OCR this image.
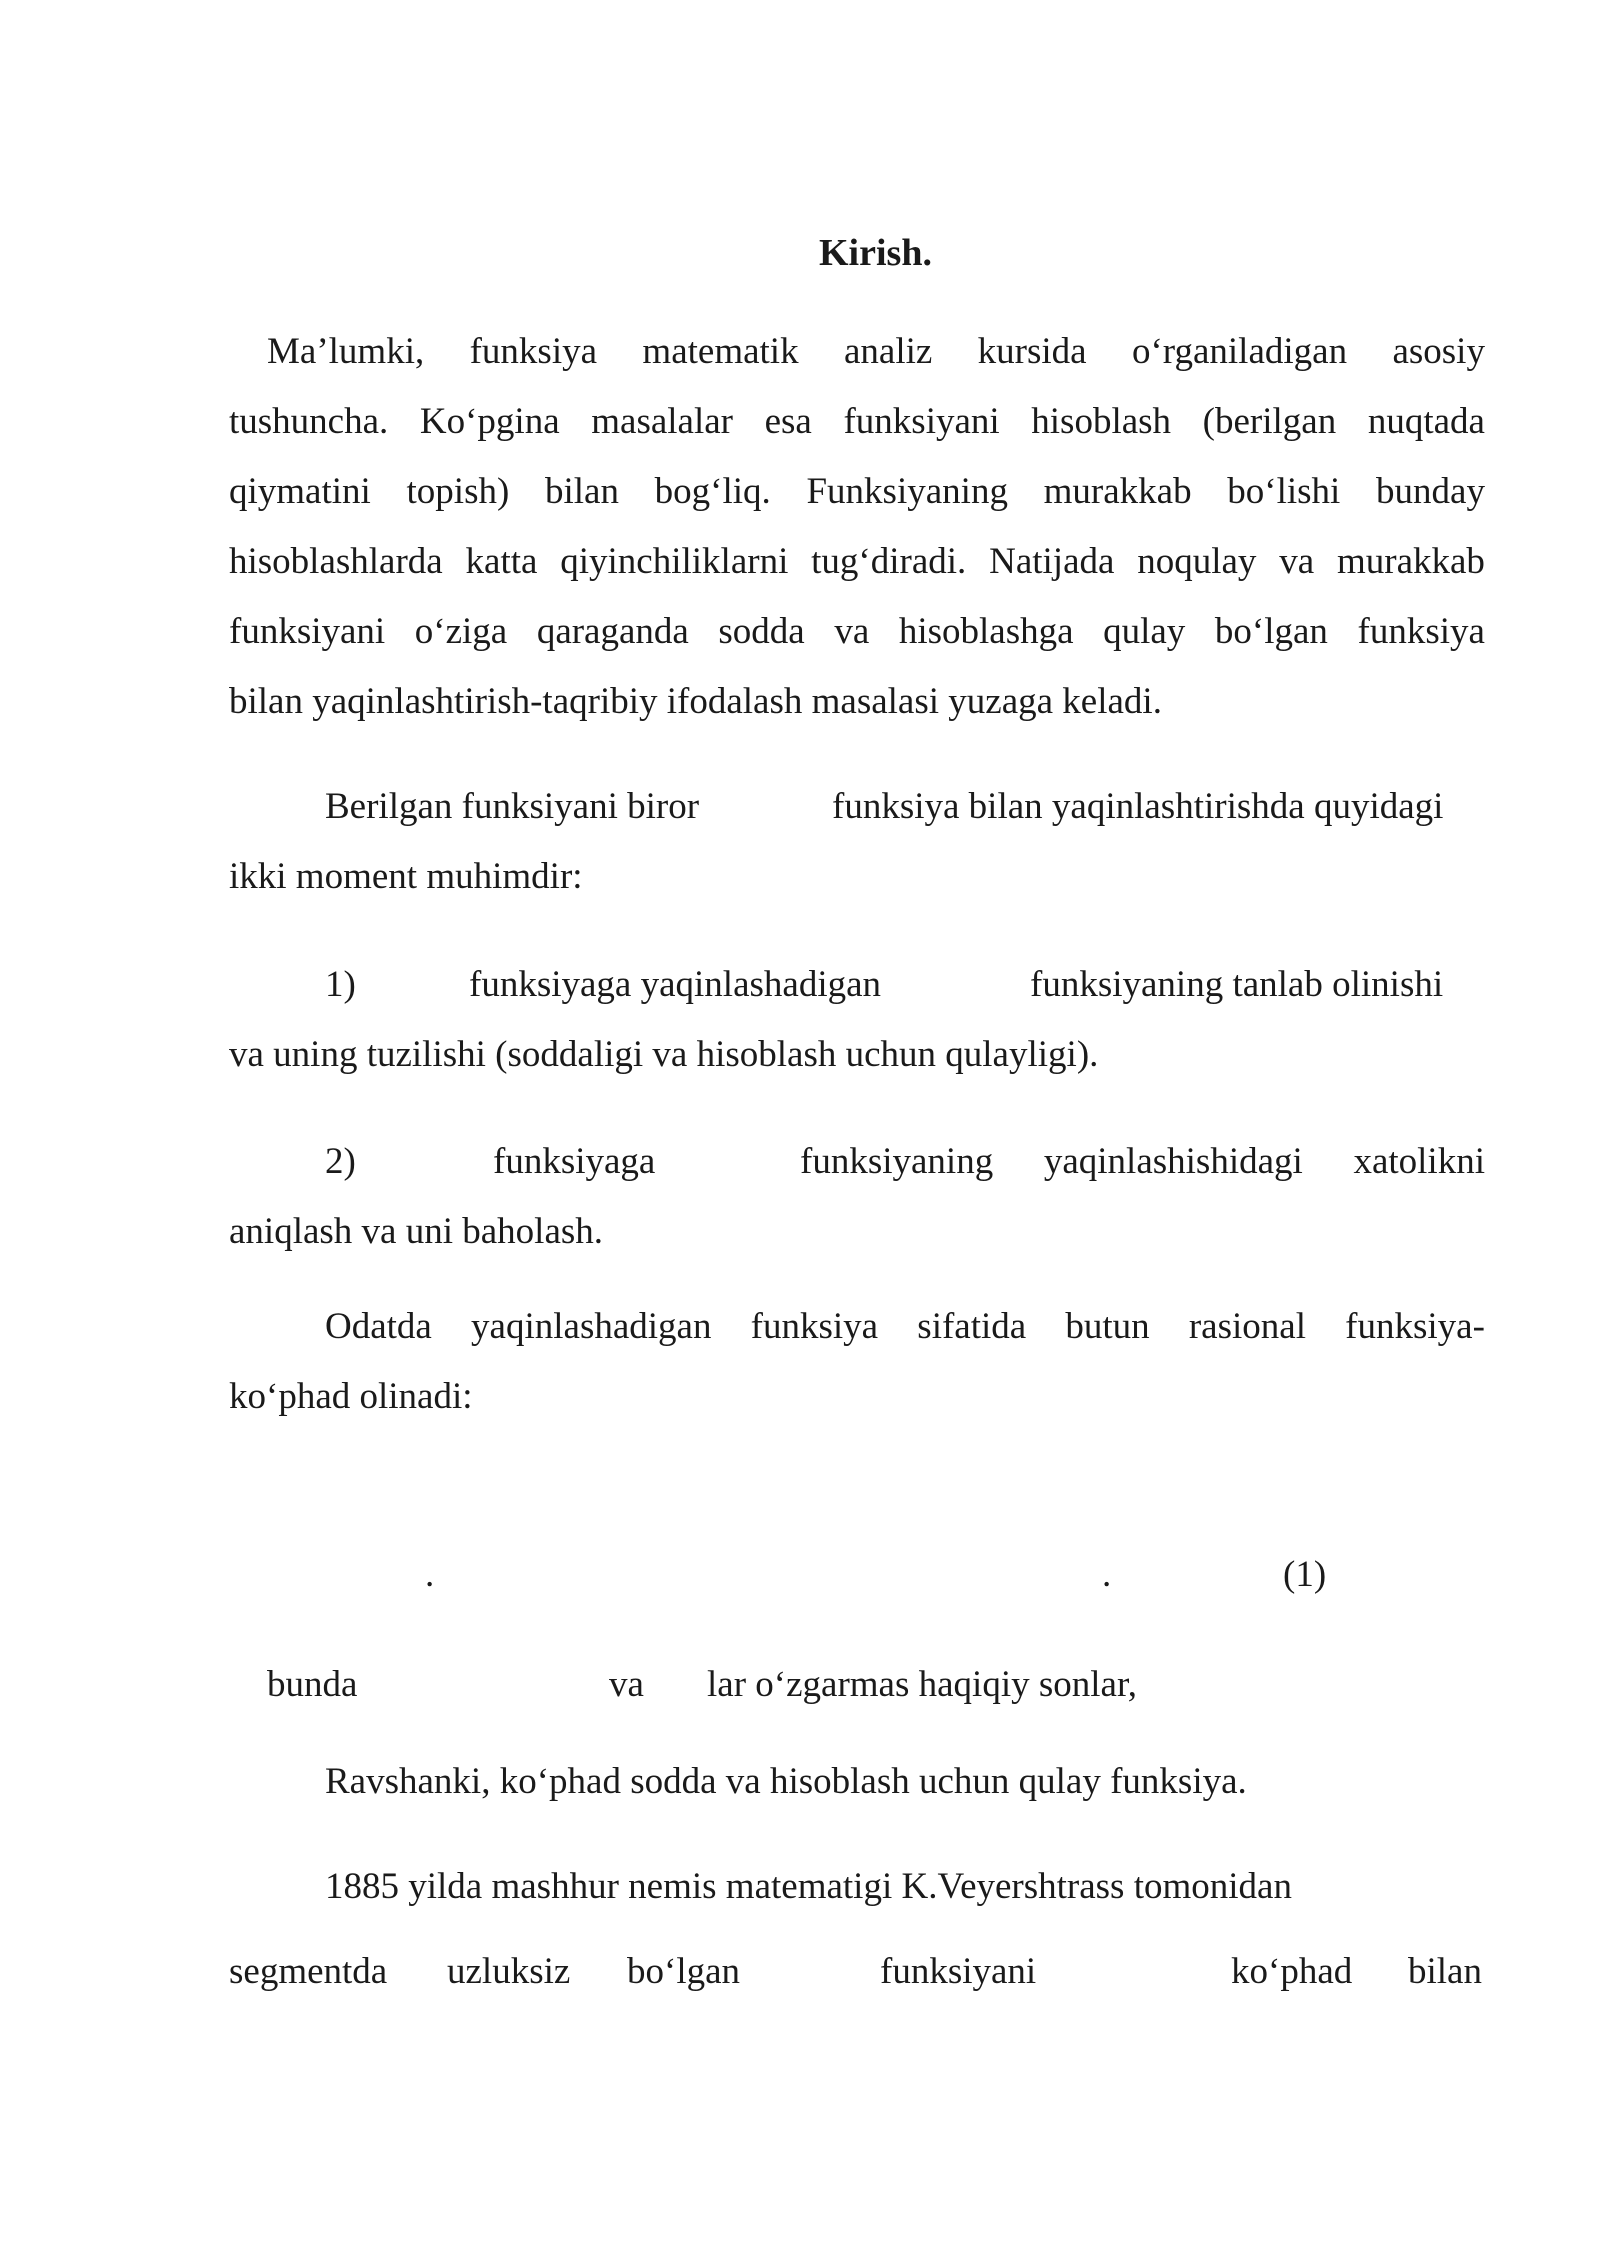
Kirish.
Ma’lumki, funksiya matematik analiz kursida o‘rganiladigan asosiy
tushuncha. Ko‘pgina masalalar esa funksiyani hisoblash (berilgan nuqtada
qiymatini topish) bilan bog‘liq. Funksiyaning murakkab bo‘lishi bunday
hisoblashlarda katta qiyinchiliklarni tug‘diradi. Natijada noqulay va murakkab
funksiyani o‘ziga qaraganda sodda va hisoblashga qulay bo‘lgan funksiya
bilan yaqinlashtirish-taqribiy ifodalash masalasi yuzaga keladi.
Berilgan funksiyani biror	funksiya bilan yaqinlashtirishda quyidagi
ikki moment muhimdir:
1)	funksiyaga yaqinlashadigan	funksiyaning tanlab olinishi
va uning tuzilishi (soddaligi va hisoblash uchun qulayligi).
2)	funksiyaga	funksiyaning yaqinlashishidagi xatolikni
aniqlash va uni baholash.
Odatda yaqinlashadigan funksiya sifatida butun rasional funksiya-
ko‘phad olinadi:
.	.	(1)
bunda	va lar o‘zgarmas haqiqiy sonlar,
Ravshanki, ko‘phad sodda va hisoblash uchun qulay funksiya.
1885 yilda mashhur nemis matematigi K.Veyershtrass tomonidan
segmentda uzluksiz bo‘lgan	funksiyani	ko‘phad bilan
